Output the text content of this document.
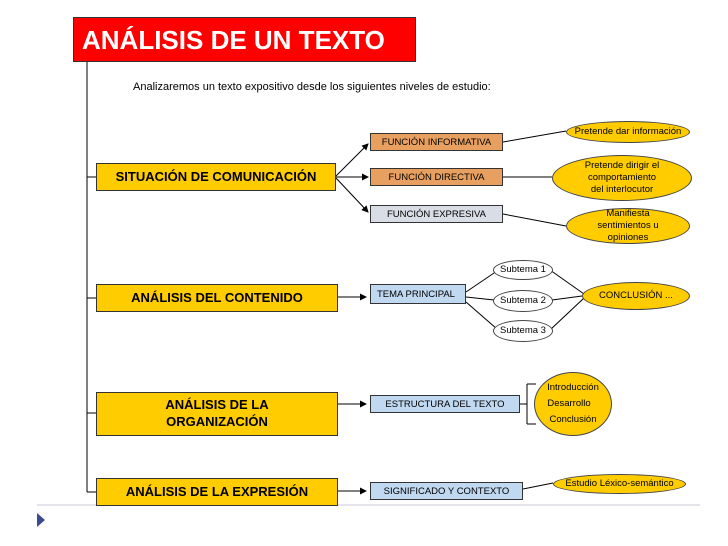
ANÁLISIS DE UN TEXTO
Analizaremos un texto expositivo desde los siguientes niveles de estudio:
SITUACIÓN DE COMUNICACIÓN
ANÁLISIS DEL CONTENIDO
ANÁLISIS DE LA ORGANIZACIÓN
ANÁLISIS DE LA EXPRESIÓN
FUNCIÓN INFORMATIVA
FUNCIÓN DIRECTIVA
FUNCIÓN EXPRESIVA
Pretende dar información
Pretende dirigir el comportamiento del interlocutor
Manifiesta sentimientos u opiniones
TEMA PRINCIPAL
Subtema 1
Subtema 2
Subtema 3
CONCLUSIÓN ...
ESTRUCTURA DEL TEXTO
Introducción
Desarrollo
Conclusión
SIGNIFICADO Y CONTEXTO
Estudio Léxico-semántico
